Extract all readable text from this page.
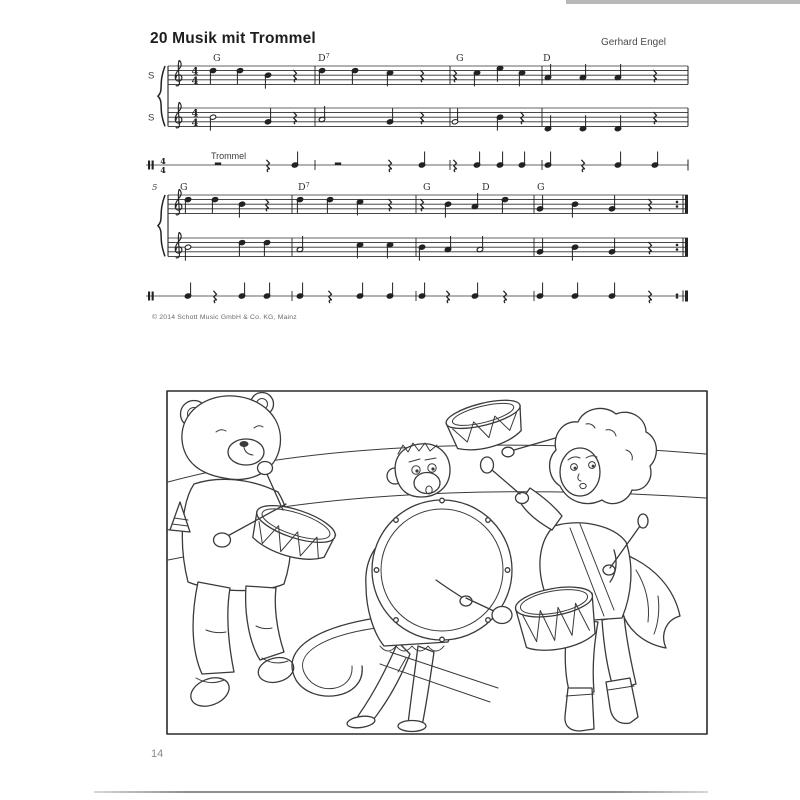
20 Musik mit Trommel	Gerhard Engel
S	4
4
G	$D^7$	G	D
S	4
4
4
4
Trommel
5 G	$D^7$	G	D	G
© 2014 Schott Music GmbH & Co. KG, Mainz
14
